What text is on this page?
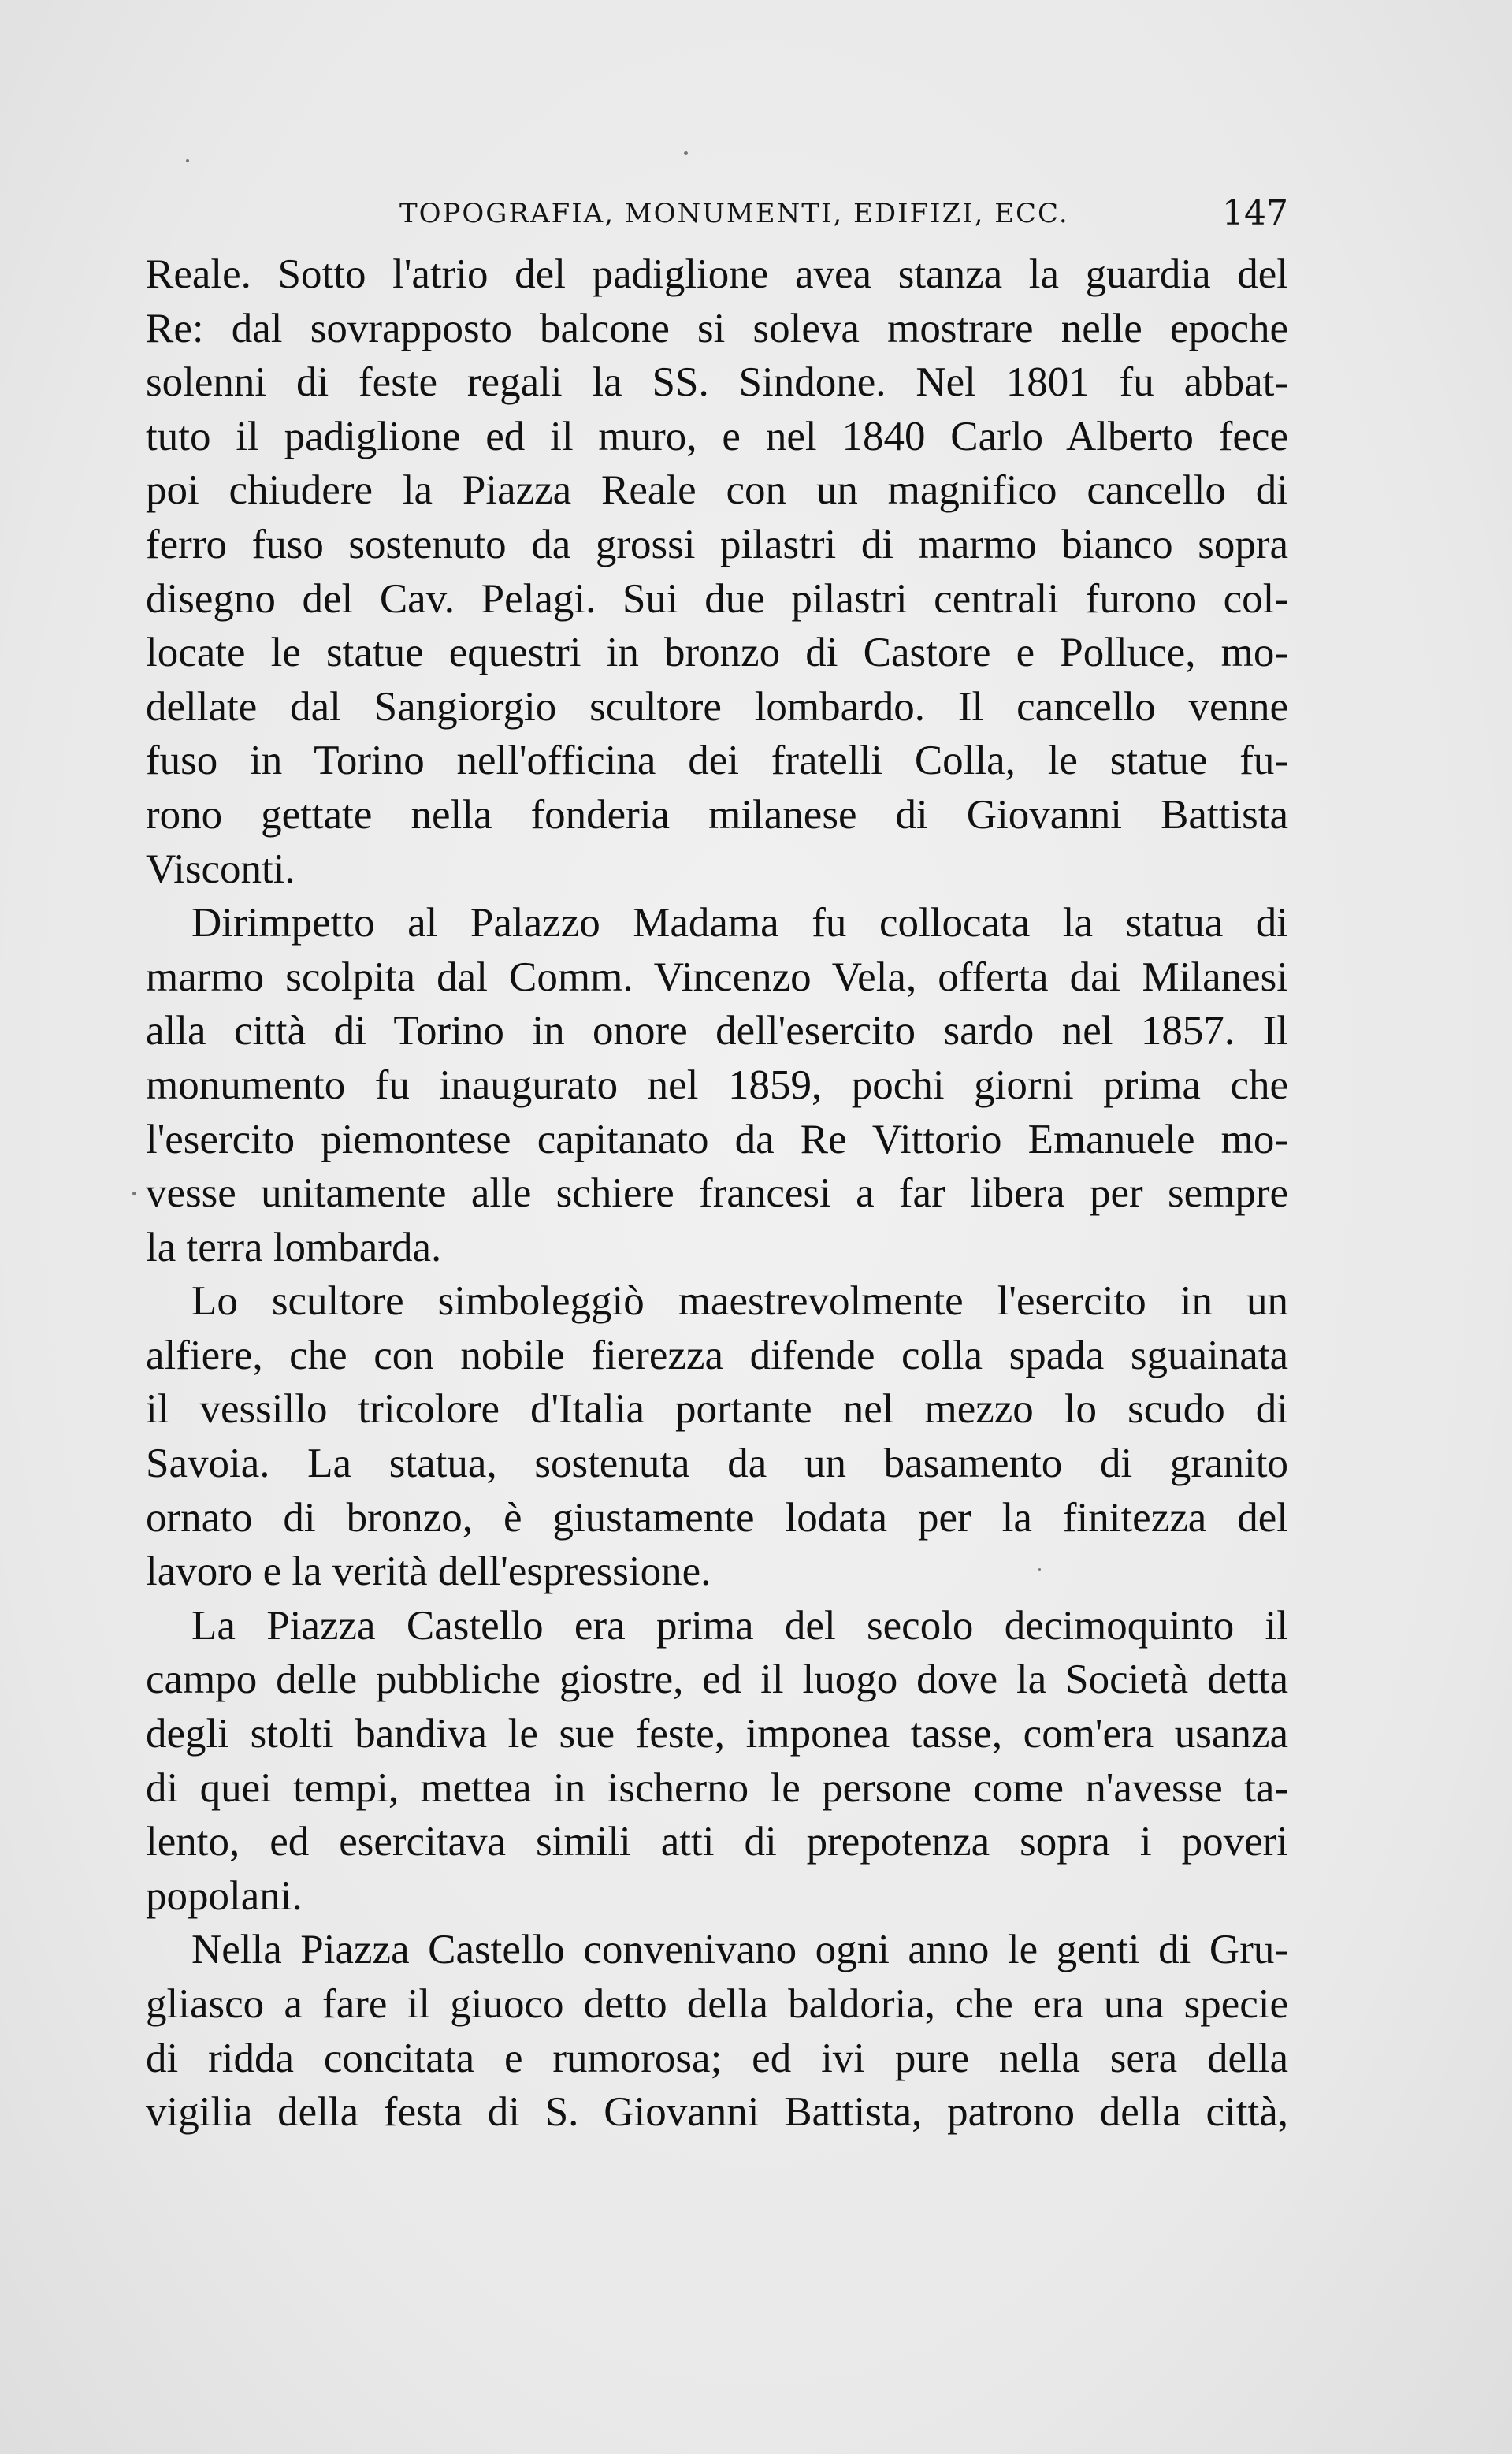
TOPOGRAFIA, MONUMENTI, EDIFIZI, ECC.	147
Reale. Sotto l'atrio del padiglione avea stanza la guardia del
Re: dal sovrapposto balcone si soleva mostrare nelle epoche
solenni di feste regali la SS. Sindone. Nel 1801 fu abbat-
tuto il padiglione ed il muro, e nel 1840 Carlo Alberto fece
poi chiudere la Piazza Reale con un magnifico cancello di
ferro fuso sostenuto da grossi pilastri di marmo bianco sopra
disegno del Cav. Pelagi. Sui due pilastri centrali furono col-
locate le statue equestri in bronzo di Castore e Polluce, mo-
dellate dal Sangiorgio scultore lombardo. Il cancello venne
fuso in Torino nell'officina dei fratelli Colla, le statue fu-
rono gettate nella fonderia milanese di Giovanni Battista
Visconti.
Dirimpetto al Palazzo Madama fu collocata la statua di
marmo scolpita dal Comm. Vincenzo Vela, offerta dai Milanesi
alla città di Torino in onore dell'esercito sardo nel 1857. Il
monumento fu inaugurato nel 1859, pochi giorni prima che
l'esercito piemontese capitanato da Re Vittorio Emanuele mo-
vesse unitamente alle schiere francesi a far libera per sempre
la terra lombarda.
Lo scultore simboleggiò maestrevolmente l'esercito in un
alfiere, che con nobile fierezza difende colla spada sguainata
il vessillo tricolore d'Italia portante nel mezzo lo scudo di
Savoia. La statua, sostenuta da un basamento di granito
ornato di bronzo, è giustamente lodata per la finitezza del
lavoro e la verità dell'espressione.
La Piazza Castello era prima del secolo decimoquinto il
campo delle pubbliche giostre, ed il luogo dove la Società detta
degli stolti bandiva le sue feste, imponea tasse, com'era usanza
di quei tempi, mettea in ischerno le persone come n'avesse ta-
lento, ed esercitava simili atti di prepotenza sopra i poveri
popolani.
Nella Piazza Castello convenivano ogni anno le genti di Gru-
gliasco a fare il giuoco detto della baldoria, che era una specie
di ridda concitata e rumorosa; ed ivi pure nella sera della
vigilia della festa di S. Giovanni Battista, patrono della città,
